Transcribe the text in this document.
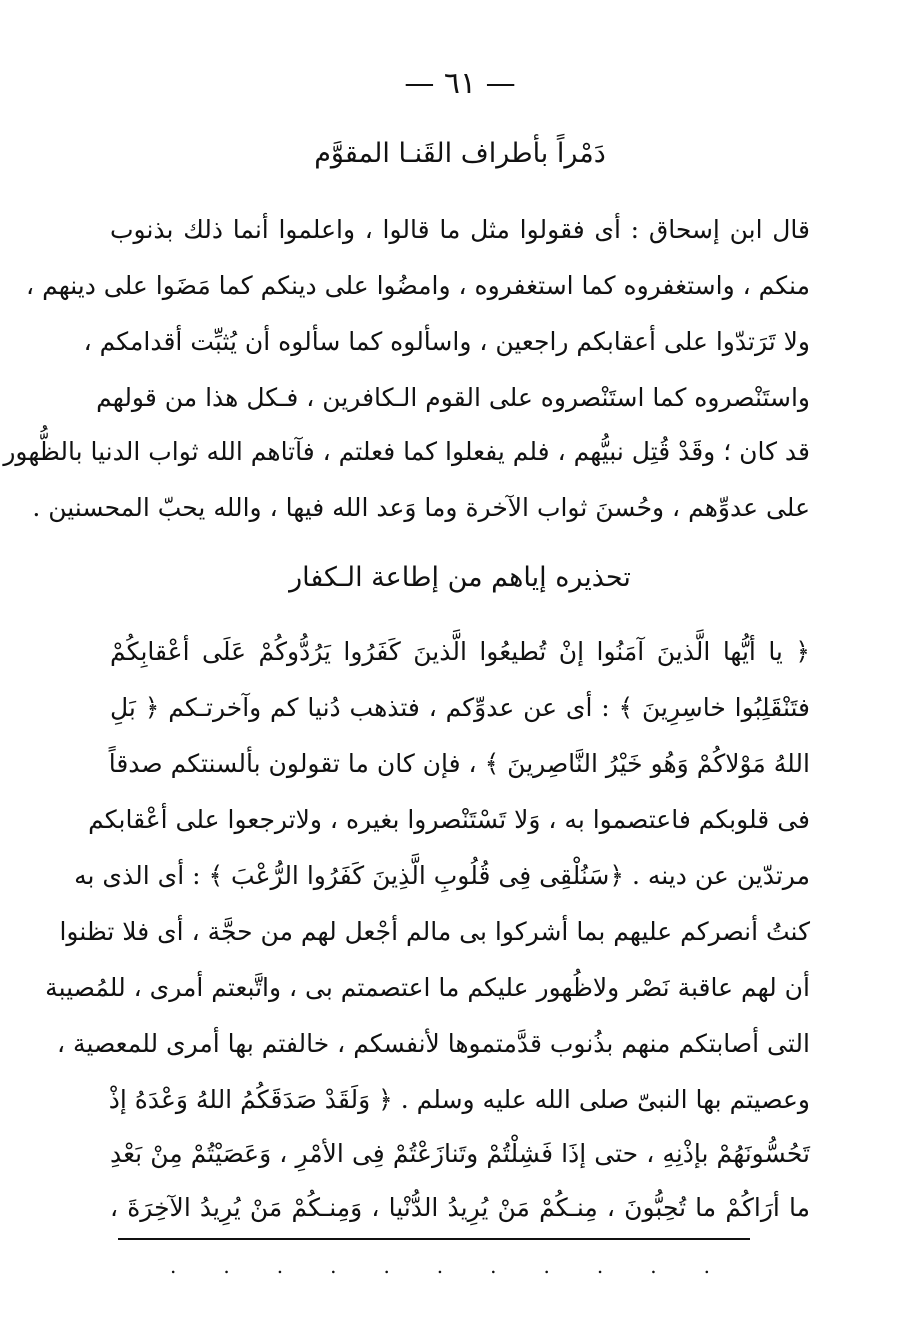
— ٦١ —
دَمْراً بأطراف القَنـا المقوَّم
قال ابن إسحاق : أى فقولوا مثل ما قالوا ، واعلموا أنما ذلك بذنوب
منكم ، واستغفروه كما استغفروه ، وامضُوا على دينكم كما مَضَوا على دينهم ،
ولا تَرَتدّوا على أعقابكم راجعين ، واسألوه كما سألوه أن يُثبِّت أقدامكم ،
واستَنْصروه كما استَنْصروه على القوم الـكافرين ، فـكل هذا من قولهم
قد كان ؛ وقَدْ قُتِل نبيُّهم ، فلم يفعلوا كما فعلتم ، فآتاهم الله ثواب الدنيا بالظُّهور
على عدوِّهم ، وحُسنَ ثواب الآخرة وما وَعد الله فيها ، والله يحبّ المحسنين .
تحذيره إياهم من إطاعة الـكفار
﴿ يا أيُّها الَّذينَ آمَنُوا إنْ تُطيعُوا الَّذينَ كَفَرُوا يَرُدُّوكُمْ عَلَى أعْقابِكُمْ
فتَنْقَلِبُوا خاسِرِينَ ﴾ : أى عن عدوِّكم ، فتذهب دُنيا كم وآخرتـكم ﴿ بَلِ
اللهُ مَوْلاكُمْ وَهُو خَيْرُ النَّاصِرينَ ﴾ ، فإن كان ما تقولون بألسنتكم صدقاً
فى قلوبكم فاعتصموا به ، وَلا تَسْتَنْصروا بغيره ، ولاترجعوا على أعْقابكم
مرتدّين عن دينه . ﴿سَنُلْقِى فِى قُلُوبِ الَّذِينَ كَفَرُوا الرُّعْبَ ﴾ : أى الذى به
كنتُ أنصركم عليهم بما أشركوا بى مالم أجْعل لهم من حجَّة ، أى فلا تظنوا
أن لهم عاقبة نَصْر ولاظُهور عليكم ما اعتصمتم بى ، واتَّبعتم أمرى ، للمُصيبة
التى أصابتكم منهم بذُنوب قدَّمتموها لأنفسكم ، خالفتم بها أمرى للمعصية ،
وعصيتم بها النبىّ صلى الله عليه وسلم . ﴿ وَلَقَدْ صَدَقَكُمُ اللهُ وَعْدَهُ إذْ
تَحُسُّونَهُمْ بإذْنِهِ ، حتى إذَا فَشِلْتُمْ وتَنازَعْتُمْ فِى الأمْرِ ، وَعَصَيْتُمْ مِنْ بَعْدِ
ما أرَاكُمْ ما تُحِبُّونَ ، مِنـكُمْ مَنْ يُرِيدُ الدُّنْيا ، وَمِنـكُمْ مَنْ يُرِيدُ الآخِرَةَ ،
. . . . . . . . . . .
